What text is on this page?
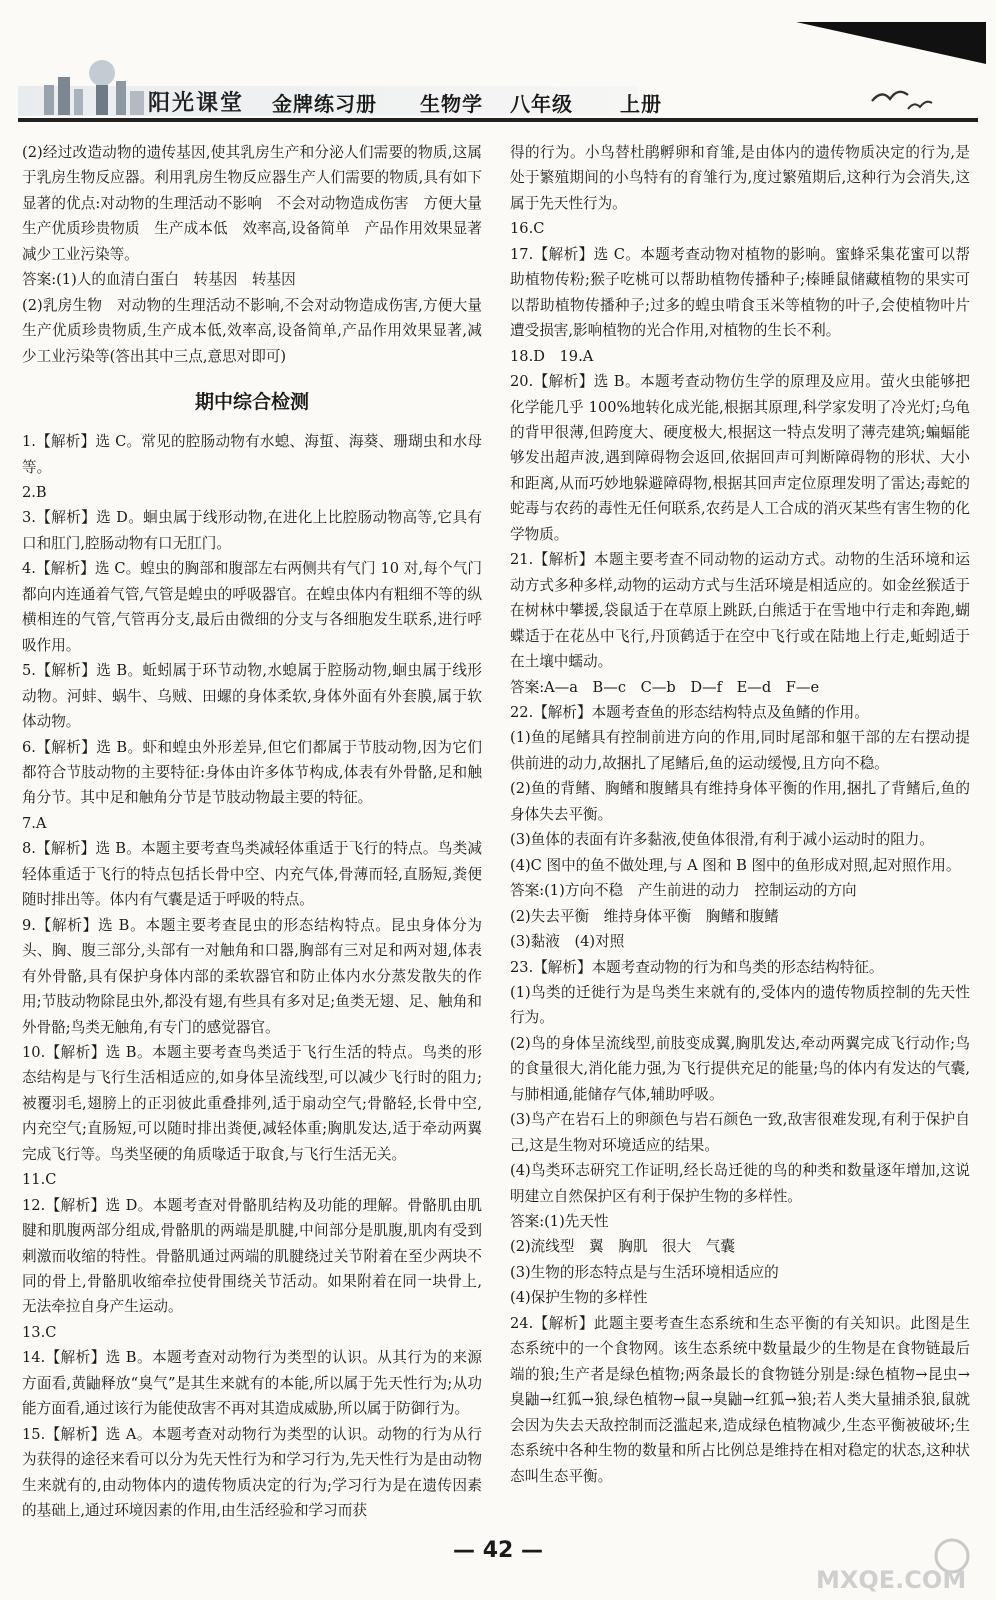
阳光课堂 金牌练习册 生物学 八年级 上册

(2)经过改造动物的遗传基因,使其乳房生产和分泌人们需要的物质,这属于乳房生物反应器。利用乳房生物反应器生产人们需要的物质,具有如下显著的优点:对动物的生理活动不影响　不会对动物造成伤害　方便大量生产优质珍贵物质　生产成本低　效率高,设备简单　产品作用效果显著　减少工业污染等。

答案:(1)人的血清白蛋白　转基因　转基因

(2)乳房生物　对动物的生理活动不影响,不会对动物造成伤害,方便大量生产优质珍贵物质,生产成本低,效率高,设备简单,产品作用效果显著,减少工业污染等(答出其中三点,意思对即可)

期中综合检测

1.【解析】选 C。常见的腔肠动物有水螅、海蜇、海葵、珊瑚虫和水母等。

2.B

3.【解析】选 D。蛔虫属于线形动物,在进化上比腔肠动物高等,它具有口和肛门,腔肠动物有口无肛门。

4.【解析】选 C。蝗虫的胸部和腹部左右两侧共有气门 10 对,每个气门都向内连通着气管,气管是蝗虫的呼吸器官。在蝗虫体内有粗细不等的纵横相连的气管,气管再分支,最后由微细的分支与各细胞发生联系,进行呼吸作用。

5.【解析】选 B。蚯蚓属于环节动物,水螅属于腔肠动物,蛔虫属于线形动物。河蚌、蜗牛、乌贼、田螺的身体柔软,身体外面有外套膜,属于软体动物。

6.【解析】选 B。虾和蝗虫外形差异,但它们都属于节肢动物,因为它们都符合节肢动物的主要特征:身体由许多体节构成,体表有外骨骼,足和触角分节。其中足和触角分节是节肢动物最主要的特征。

7.A

8.【解析】选 B。本题主要考查鸟类减轻体重适于飞行的特点。鸟类减轻体重适于飞行的特点包括长骨中空、内充气体,骨薄而轻,直肠短,粪便随时排出等。体内有气囊是适于呼吸的特点。

9.【解析】选 B。本题主要考查昆虫的形态结构特点。昆虫身体分为头、胸、腹三部分,头部有一对触角和口器,胸部有三对足和两对翅,体表有外骨骼,具有保护身体内部的柔软器官和防止体内水分蒸发散失的作用;节肢动物除昆虫外,都没有翅,有些具有多对足;鱼类无翅、足、触角和外骨骼;鸟类无触角,有专门的感觉器官。

10.【解析】选 B。本题主要考查鸟类适于飞行生活的特点。鸟类的形态结构是与飞行生活相适应的,如身体呈流线型,可以减少飞行时的阻力;被覆羽毛,翅膀上的正羽彼此重叠排列,适于扇动空气;骨骼轻,长骨中空,内充空气;直肠短,可以随时排出粪便,减轻体重;胸肌发达,适于牵动两翼完成飞行等。鸟类坚硬的角质喙适于取食,与飞行生活无关。

11.C

12.【解析】选 D。本题考查对骨骼肌结构及功能的理解。骨骼肌由肌腱和肌腹两部分组成,骨骼肌的两端是肌腱,中间部分是肌腹,肌肉有受到刺激而收缩的特性。骨骼肌通过两端的肌腱绕过关节附着在至少两块不同的骨上,骨骼肌收缩牵拉使骨围绕关节活动。如果附着在同一块骨上,无法牵拉自身产生运动。

13.C

14.【解析】选 B。本题考查对动物行为类型的认识。从其行为的来源方面看,黄鼬释放“臭气”是其生来就有的本能,所以属于先天性行为;从功能方面看,通过该行为能使敌害不再对其造成威胁,所以属于防御行为。

15.【解析】选 A。本题考查对动物行为类型的认识。动物的行为从行为获得的途径来看可以分为先天性行为和学习行为,先天性行为是由动物生来就有的,由动物体内的遗传物质决定的行为;学习行为是在遗传因素的基础上,通过环境因素的作用,由生活经验和学习而获

得的行为。小鸟替杜鹃孵卵和育雏,是由体内的遗传物质决定的行为,是处于繁殖期间的小鸟特有的育雏行为,度过繁殖期后,这种行为会消失,这属于先天性行为。

16.C

17.【解析】选 C。本题考查动物对植物的影响。蜜蜂采集花蜜可以帮助植物传粉;猴子吃桃可以帮助植物传播种子;榛睡鼠储藏植物的果实可以帮助植物传播种子;过多的蝗虫啃食玉米等植物的叶子,会使植物叶片遭受损害,影响植物的光合作用,对植物的生长不利。

18.D　19.A

20.【解析】选 B。本题考查动物仿生学的原理及应用。萤火虫能够把化学能几乎 100%地转化成光能,根据其原理,科学家发明了冷光灯;乌龟的背甲很薄,但跨度大、硬度极大,根据这一特点发明了薄壳建筑;蝙蝠能够发出超声波,遇到障碍物会返回,依据回声可判断障碍物的形状、大小和距离,从而巧妙地躲避障碍物,根据其回声定位原理发明了雷达;毒蛇的蛇毒与农药的毒性无任何联系,农药是人工合成的消灭某些有害生物的化学物质。

21.【解析】本题主要考查不同动物的运动方式。动物的生活环境和运动方式多种多样,动物的运动方式与生活环境是相适应的。如金丝猴适于在树林中攀援,袋鼠适于在草原上跳跃,白熊适于在雪地中行走和奔跑,蝴蝶适于在花丛中飞行,丹顶鹤适于在空中飞行或在陆地上行走,蚯蚓适于在土壤中蠕动。

答案:A—a　B—c　C—b　D—f　E—d　F—e

22.【解析】本题考查鱼的形态结构特点及鱼鳍的作用。

(1)鱼的尾鳍具有控制前进方向的作用,同时尾部和躯干部的左右摆动提供前进的动力,故捆扎了尾鳍后,鱼的运动缓慢,且方向不稳。

(2)鱼的背鳍、胸鳍和腹鳍具有维持身体平衡的作用,捆扎了背鳍后,鱼的身体失去平衡。

(3)鱼体的表面有许多黏液,使鱼体很滑,有利于减小运动时的阻力。

(4)C 图中的鱼不做处理,与 A 图和 B 图中的鱼形成对照,起对照作用。

答案:(1)方向不稳　产生前进的动力　控制运动的方向

(2)失去平衡　维持身体平衡　胸鳍和腹鳍

(3)黏液　(4)对照

23.【解析】本题考查动物的行为和鸟类的形态结构特征。

(1)鸟类的迁徙行为是鸟类生来就有的,受体内的遗传物质控制的先天性行为。

(2)鸟的身体呈流线型,前肢变成翼,胸肌发达,牵动两翼完成飞行动作;鸟的食量很大,消化能力强,为飞行提供充足的能量;鸟的体内有发达的气囊,与肺相通,能储存气体,辅助呼吸。

(3)鸟产在岩石上的卵颜色与岩石颜色一致,敌害很难发现,有利于保护自己,这是生物对环境适应的结果。

(4)鸟类环志研究工作证明,经长岛迁徙的鸟的种类和数量逐年增加,这说明建立自然保护区有利于保护生物的多样性。

答案:(1)先天性

(2)流线型　翼　胸肌　很大　气囊

(3)生物的形态特点是与生活环境相适应的

(4)保护生物的多样性

24.【解析】此题主要考查生态系统和生态平衡的有关知识。此图是生态系统中的一个食物网。该生态系统中数量最少的生物是在食物链最后端的狼;生产者是绿色植物;两条最长的食物链分别是:绿色植物→昆虫→臭鼬→红狐→狼,绿色植物→鼠→臭鼬→红狐→狼;若人类大量捕杀狼,鼠就会因为失去天敌控制而泛滥起来,造成绿色植物减少,生态平衡被破坏;生态系统中各种生物的数量和所占比例总是维持在相对稳定的状态,这种状态叫生态平衡。

— 42 —
MXQE.COM
